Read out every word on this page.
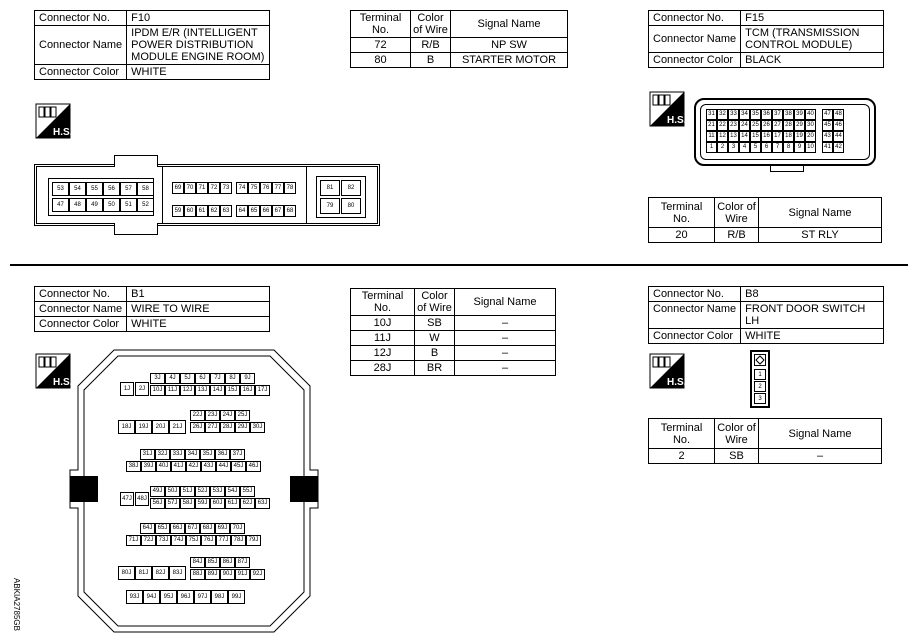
Connector No.	F10
Connector Name	IPDM E/R (INTELLIGENT POWER DISTRIBUTION MODULE ENGINE ROOM)
Connector Color	WHITE
Terminal No.	Color of Wire	Signal Name
72	R/B	NP SW
80	B	STARTER MOTOR
H.S.
53	54	55	56	57	58
47	48	49	50	51	52
69 70 71 72 73	74 75 76 77 78
59 60 61 62 63	64 65 66 67 68
81	82
79	80
Connector No.	F15
Connector Name	TCM (TRANSMISSION CONTROL MODULE)
Connector Color	BLACK
H.S.
31 32 33 34 35 36 37 38 39 40	47 48
21 22 23 24 25 26 27 28 29 30	45 46
11 12 13 14 15 16 17 18 19 20	43 44
1	2	3	4	5	6	7	8	9 10	41 42
Terminal No.	Color of Wire	Signal Name
20	R/B	ST RLY
Connector No.	B1
Connector Name	WIRE TO WIRE
Connector Color	WHITE
Terminal No.	Color of Wire	Signal Name
10J	SB	–
11J	W	–
12J	B	–
28J	BR	–
H.S.
1J	2J
3J	4J	5J	6J	7J	8J	9J
10J 11J 12J 13J 14J 15J 16J 17J
18J	19J	20J	21J
22J 23J 24J 25J
26J 27J 28J 29J 30J
31J 32J 33J 34J 35J 36J 37J
38J 39J 40J 41J 42J 43J 44J 45J 46J
47J 48J
49J 50J 51J 52J 53J 54J 55J
56J 57J 58J 59J 60J 61J 62J 63J
64J 65J 66J 67J 68J 69J 70J
71J 72J 73J 74J 75J 76J 77J 78J 79J
80J	81J	82J	83J
84J 85J 86J 87J
88J 89J 90J 91J 92J
93J	94J	95J	96J	97J	98J	99J
Connector No.	B8
Connector Name	FRONT DOOR SWITCH LH
Connector Color	WHITE
H.S.
1
2
3
Terminal No.	Color of Wire	Signal Name
2	SB	–
ABKIA2785GB
